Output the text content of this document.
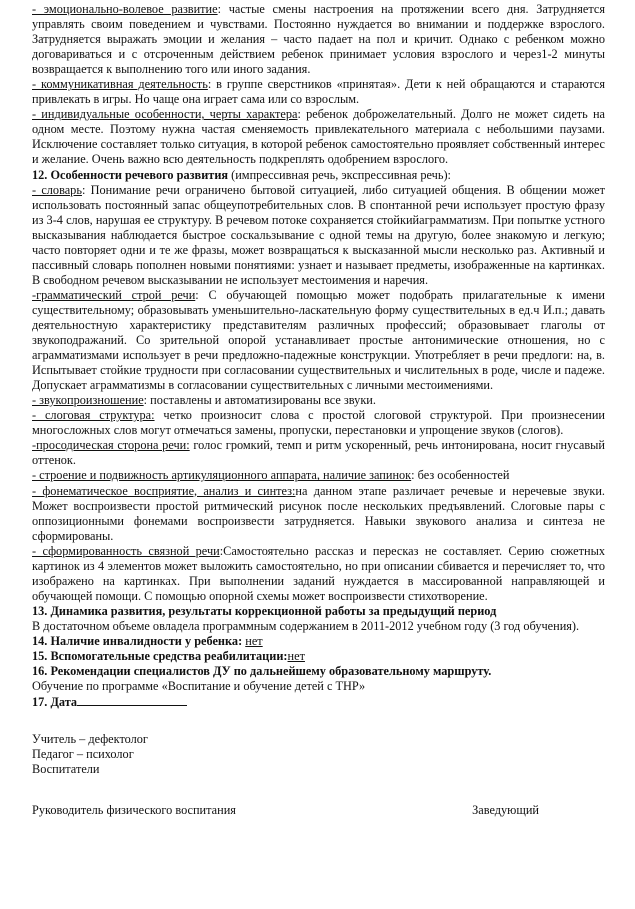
- эмоционально-волевое развитие: частые смены настроения на протяжении всего дня. Затрудняется управлять своим поведением и чувствами. Постоянно нуждается во внимании и поддержке взрослого. Затрудняется выражать эмоции и желания – часто падает на пол и кричит. Однако с ребенком можно договариваться и с отсроченным действием ребенок принимает условия взрослого и через1-2 минуты возвращается к выполнению того или иного задания.

- коммуникативная деятельность: в группе сверстников «принятая». Дети к ней обращаются и стараются привлекать в игры. Но чаще она играет сама или со взрослым.

- индивидуальные особенности, черты характера: ребенок доброжелательный. Долго не может сидеть на одном месте. Поэтому нужна частая сменяемость привлекательного материала с небольшими паузами. Исключение составляет только ситуация, в которой ребенок самостоятельно проявляет собственный интерес и желание. Очень важно всю деятельность подкреплять одобрением взрослого.

12. Особенности речевого развития (импрессивная речь, экспрессивная речь):

- словарь: Понимание речи ограничено бытовой ситуацией, либо ситуацией общения. В общении может использовать постоянный запас общеупотребительных слов. В спонтанной речи использует простую фразу из 3-4 слов, нарушая ее структуру. В речевом потоке сохраняется стойкийаграмматизм. При попытке устного высказывания наблюдается быстрое соскальзывание с одной темы на другую, более знакомую и легкую; часто повторяет одни и те же фразы, может возвращаться к высказанной мысли несколько раз. Активный и пассивный словарь пополнен новыми понятиями: узнает и называет предметы, изображенные на картинках. В свободном речевом высказывании не использует местоимения и наречия.

-грамматический строй речи: С обучающей помощью может подобрать прилагательные к имени существительному; образовывать уменьшительно-ласкательную форму существительных в ед.ч И.п.; давать деятельностную характеристику представителям различных профессий; образовывает глаголы от звукоподражаний. Со зрительной опорой устанавливает простые антонимические отношения, но с аграмматизмами использует в речи предложно-падежные конструкции. Употребляет в речи предлоги: на, в. Испытывает стойкие трудности при согласовании существительных и числительных в роде, числе и падеже. Допускает аграмматизмы в согласовании существительных с личными местоимениями.

- звукопроизношение: поставлены и автоматизированы все звуки.

- слоговая структура: четко произносит слова с простой слоговой структурой. При произнесении многосложных слов могут отмечаться замены, пропуски, перестановки и упрощение звуков (слогов).

-просодическая сторона речи: голос громкий, темп и ритм ускоренный, речь интонирована, носит гнусавый оттенок.

- строение и подвижность артикуляционного аппарата, наличие запинок: без особенностей

- фонематическое восприятие, анализ и синтез:на данном этапе различает речевые и неречевые звуки. Может воспроизвести простой ритмический рисунок после нескольких предъявлений. Слоговые пары с оппозиционными фонемами воспроизвести затрудняется. Навыки звукового анализа и синтеза не сформированы.

- сформированность связной речи:Самостоятельно рассказ и пересказ не составляет. Серию сюжетных картинок из 4 элементов может выложить самостоятельно, но при описании сбивается и перечисляет то, что изображено на картинках. При выполнении заданий нуждается в массированной направляющей и обучающей помощи. С помощью опорной схемы может воспроизвести стихотворение.

13. Динамика развития, результаты коррекционной работы за предыдущий период

В достаточном объеме овладела программным содержанием в 2011-2012 учебном году (3 год обучения).

14. Наличие инвалидности у ребенка: нет

15. Вспомогательные средства реабилитации:нет

16. Рекомендации специалистов ДУ по дальнейшему образовательному маршруту.

Обучение по программе «Воспитание и обучение детей с ТНР»

17. Дата

Учитель – дефектолог

Педагог – психолог

Воспитатели

Руководитель физического воспитания	Заведующий
